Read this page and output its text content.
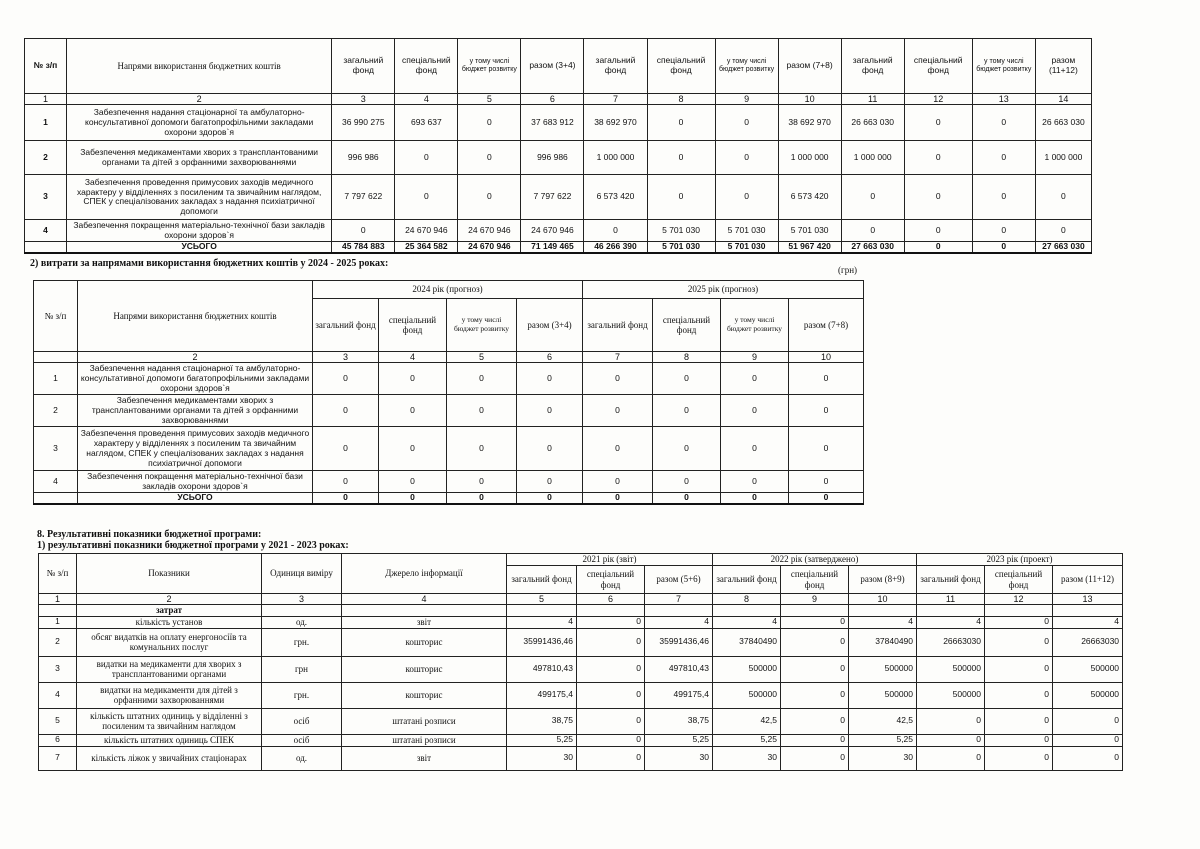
№ з/п	Напрями використання бюджетних коштів	загальний фонд	спеціальний фонд	у тому числі бюджет розвитку	разом (3+4)	загальний фонд	спеціальний фонд	у тому числі бюджет розвитку	разом (7+8)	загальний фонд	спеціальний фонд	у тому числі бюджет розвитку	разом (11+12)
1	2	3	4	5	6	7	8	9	10	11	12	13	14
1	Забезпечення надання стаціонарної та амбулаторно-консультативної допомоги багатопрофільними закладами охорони здоров`я	36 990 275	693 637	0	37 683 912	38 692 970	0	0	38 692 970	26 663 030	0	0	26 663 030
2	Забезпечення медикаментами хворих з трансплантованими органами та дітей з орфанними захворюваннями	996 986	0	0	996 986	1 000 000	0	0	1 000 000	1 000 000	0	0	1 000 000
3	Забезпечення проведення примусових заходів медичного характеру у відділеннях з посиленим та звичайним наглядом, СПЕК у спеціалізованих закладах з надання психіатричної допомоги	7 797 622	0	0	7 797 622	6 573 420	0	0	6 573 420	0	0	0	0
4	Забезпечення покращення матеріально-технічної бази закладів охорони здоров`я	0	24 670 946	24 670 946	24 670 946	0	5 701 030	5 701 030	5 701 030	0	0	0	0
	УСЬОГО	45 784 883	25 364 582	24 670 946	71 149 465	46 266 390	5 701 030	5 701 030	51 967 420	27 663 030	0	0	27 663 030
2) витрати за напрямами використання бюджетних коштів у 2024 - 2025 роках:
(грн)
№ з/п	Напрями використання бюджетних коштів	2024 рік (прогноз)				2025 рік (прогноз)			
		загальний фонд	спеціальний фонд	у тому числі бюджет розвитку	разом (3+4)	загальний фонд	спеціальний фонд	у тому числі бюджет розвитку	разом (7+8)
	2	3	4	5	6	7	8	9	10
1	Забезпечення надання стаціонарної та амбулаторно-консультативної допомоги багатопрофільними закладами охорони здоров`я	0	0	0	0	0	0	0	0
2	Забезпечення медикаментами хворих з трансплантованими органами та дітей з орфанними захворюваннями	0	0	0	0	0	0	0	0
3	Забезпечення проведення примусових заходів медичного характеру у відділеннях з посиленим та звичайним наглядом, СПЕК у спеціалізованих закладах з надання психіатричної допомоги	0	0	0	0	0	0	0	0
4	Забезпечення покращення матеріально-технічної бази закладів охорони здоров`я	0	0	0	0	0	0	0	0
	УСЬОГО	0	0	0	0	0	0	0	0
8. Результативні показники бюджетної програми:
1) результативні показники бюджетної програми у 2021 - 2023 роках:
№ з/п	Показники	Одиниця виміру	Джерело інформації	2021 рік (звіт)			2022 рік (затверджено)			2023 рік (проект)		
				загальний фонд	спеціальний фонд	разом (5+6)	загальний фонд	спеціальний фонд	разом (8+9)	загальний фонд	спеціальний фонд	разом (11+12)
1	2	3	4	5	6	7	8	9	10	11	12	13
	затрат											
1	кількість установ	од.	звіт	4	0	4	4	0	4	4	0	4
2	обсяг видатків на оплату енергоносіїв та комунальних послуг	грн.	кошторис	35991436,46	0	35991436,46	37840490	0	37840490	26663030	0	26663030
3	видатки на медикаменти для хворих з трансплантованими органами	грн	кошторис	497810,43	0	497810,43	500000	0	500000	500000	0	500000
4	видатки на медикаменти для дітей з орфанними захворюваннями	грн.	кошторис	499175,4	0	499175,4	500000	0	500000	500000	0	500000
5	кількість штатних одиниць у відділенні з посиленим та звичайним наглядом	осіб	штатані розписи	38,75	0	38,75	42,5	0	42,5	0	0	0
6	кількість штатних одиниць СПЕК	осіб	штатані розписи	5,25	0	5,25	5,25	0	5,25	0	0	0
7	кількість ліжок у звичайних стаціонарах	од.	звіт	30	0	30	30	0	30	0	0	0
